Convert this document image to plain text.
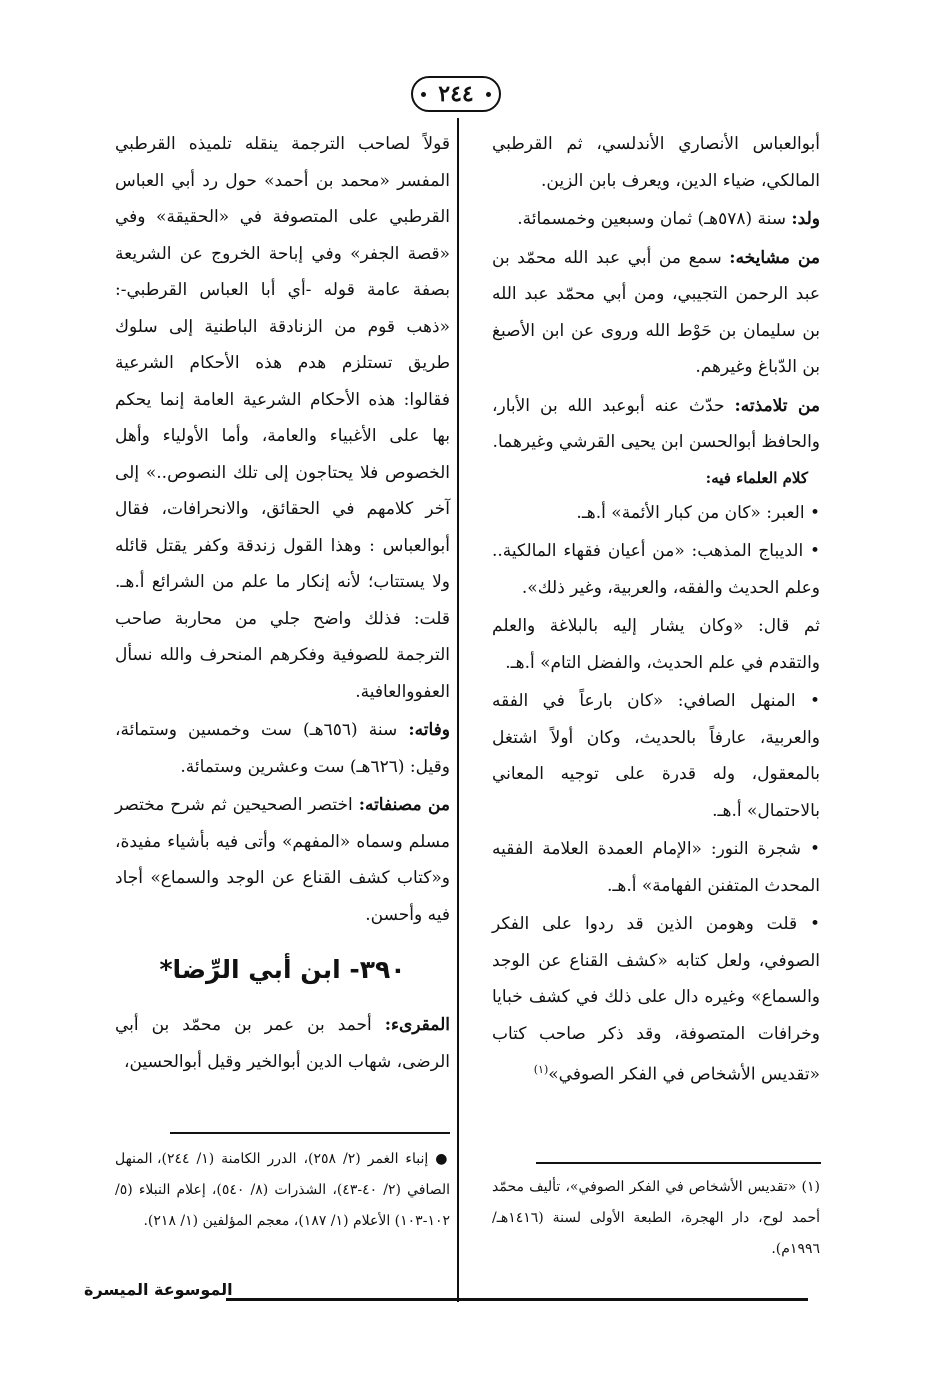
٢٤٤

أبوالعباس الأنصاري الأندلسي، ثم القرطبي المالكي، ضياء الدين، ويعرف بابن الزين.

ولد: سنة (٥٧٨هـ) ثمان وسبعين وخمسمائة.

من مشايخه: سمع من أبي عبد الله محمّد بن عبد الرحمن التجيبي، ومن أبي محمّد عبد الله بن سليمان بن حَوْط الله وروى عن ابن الأصبغ بن الدّباغ وغيرهم.

من تلامذته: حدّث عنه أبوعبد الله بن الأبار، والحافظ أبوالحسن ابن يحيى القرشي وغيرهما.

كلام العلماء فيه:

• العبر: «كان من كبار الأئمة» أ.هـ.

• الديباج المذهب: «من أعيان فقهاء المالكية.. وعلم الحديث والفقه، والعربية، وغير ذلك».

ثم قال: «وكان يشار إليه بالبلاغة والعلم والتقدم في علم الحديث، والفضل التام» أ.هـ.

• المنهل الصافي: «كان بارعاً في الفقه والعربية، عارفاً بالحديث، وكان أولاً اشتغل بالمعقول، وله قدرة على توجيه المعاني بالاحتمال» أ.هـ.

• شجرة النور: «الإمام العمدة العلامة الفقيه المحدث المتفنن الفهامة» أ.هـ.

• قلت وهومن الذين قد ردوا على الفكر الصوفي، ولعل كتابه «كشف القناع عن الوجد والسماع» وغيره دال على ذلك في كشف خبايا وخرافات المتصوفة، وقد ذكر صاحب كتاب «تقديس الأشخاص في الفكر الصوفي»$^{(١)}$

قولاً لصاحب الترجمة ينقله تلميذه القرطبي المفسر «محمد بن أحمد» حول رد أبي العباس القرطبي على المتصوفة في «الحقيقة» وفي «قصة الجفر» وفي إباحة الخروج عن الشريعة بصفة عامة قوله -أي أبا العباس القرطبي-: «ذهب قوم من الزنادقة الباطنية إلى سلوك طريق تستلزم هدم هذه الأحكام الشرعية فقالوا: هذه الأحكام الشرعية العامة إنما يحكم بها على الأغبياء والعامة، وأما الأولياء وأهل الخصوص فلا يحتاجون إلى تلك النصوص..» إلى آخر كلامهم في الحقائق، والانحرافات، فقال أبوالعباس : وهذا القول زندقة وكفر يقتل قائله ولا يستتاب؛ لأنه إنكار ما علم من الشرائع أ.هـ. قلت: فذلك واضح جلي من محاربة صاحب الترجمة للصوفية وفكرهم المنحرف والله نسأل العفووالعافية.

وفاته: سنة (٦٥٦هـ) ست وخمسين وستمائة، وقيل: (٦٢٦هـ) ست وعشرين وستمائة.

من مصنفاته: اختصر الصحيحين ثم شرح مختصر مسلم وسماه «المفهم» وأتى فيه بأشياء مفيدة، و«كتاب كشف القناع عن الوجد والسماع» أجاد فيه وأحسن.

٣٩٠- ابن أبي الرِّضا*

المقرىء: أحمد بن عمر بن محمّد بن أبي الرضى، شهاب الدين أبوالخير وقيل أبوالحسين،

(١) «تقديس الأشخاص في الفكر الصوفي»، تأليف محمّد أحمد لوح، دار الهجرة، الطبعة الأولى لسنة (١٤١٦هـ/١٩٩٦م).
● إنباء الغمر (٢/ ٢٥٨)، الدرر الكامنة (١/ ٢٤٤)، المنهل الصافي (٢/ ٤٠-٤٣)، الشذرات (٨/ ٥٤٠)، إعلام النبلاء (٥/ ١٠٢-١٠٣) الأعلام (١/ ١٨٧)، معجم المؤلفين (١/ ٢١٨).
الموسوعة الميسرة
